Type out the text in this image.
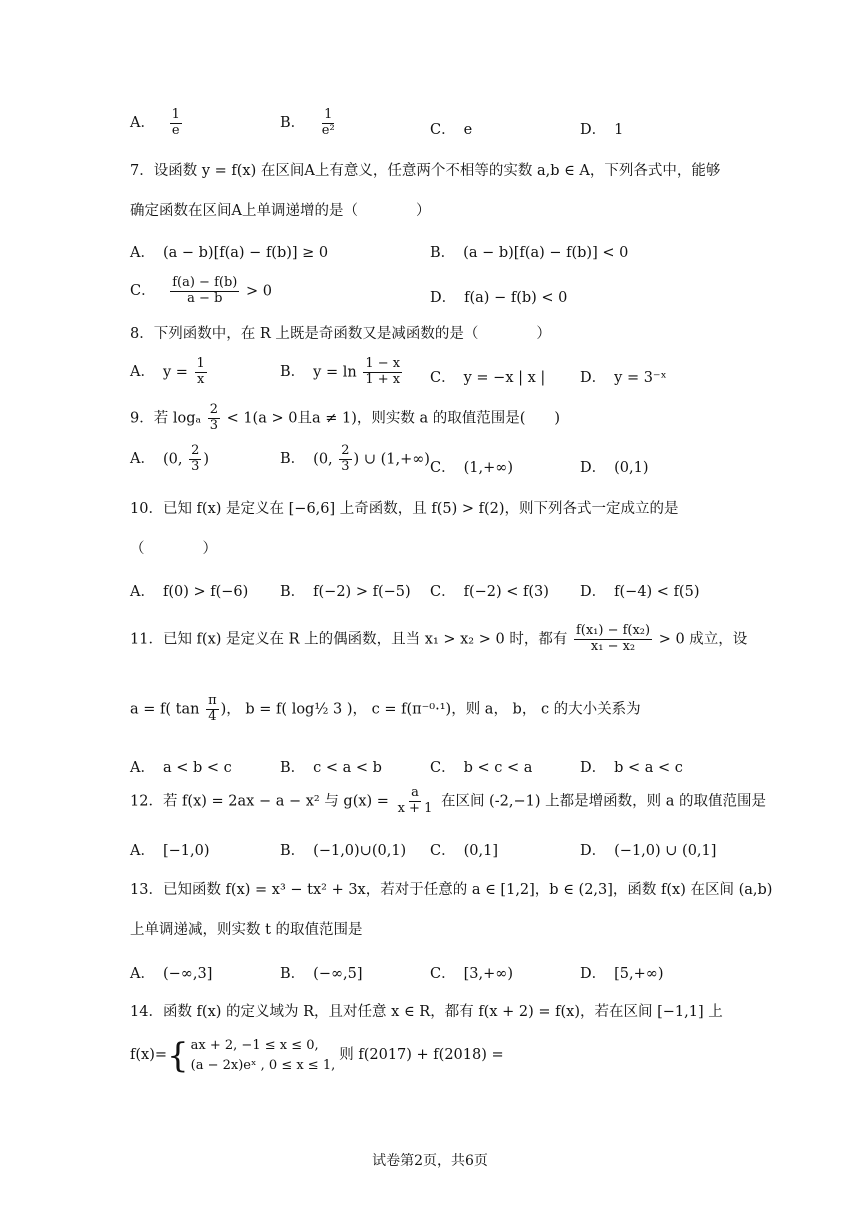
A． $\frac{1}{e}$	B． $\frac{1}{\text{e²}}$	C． e	D． 1
7．设函数 y = f(x) 在区间A上有意义，任意两个不相等的实数 a,b ∈ A，下列各式中，能够
确定函数在区间A上单调递增的是（　　　　）
A． (a − b)[f(a) − f(b)] ≥ 0	B． (a − b)[f(a) − f(b)] < 0
C． $\frac{f(a) - f(b)}{a - b} > 0$	D． f(a) − f(b) < 0
8．下列函数中，在 R 上既是奇函数又是减函数的是（　　　　）
A． $y = \frac{1}{x}$	B． $y = \ln \frac{1 - x}{1 + x}$ C． y = −x | x | D． y = 3⁻ˣ
9．若 logₐ $\frac{2}{3} < 1(a > 0$且a ≠ 1)，则实数 a 的取值范围是(　　)
A． (0, $\frac{2}{3}$ )	B． (0, $\frac{2}{3}$ ) ∪ (1,+∞)
C． (1,+∞)	D． (0,1)
10．已知 f(x) 是定义在 [−6,6] 上奇函数，且 f(5) > f(2)，则下列各式一定成立的是
（　　　　）
A． f(0) > f(−6) B． f(−2) > f(−5) C． f(−2) < f(3) D． f(−4) < f(5)
11．已知 f(x) 是定义在 R 上的偶函数，且当 x₁ > x₂ > 0 时，都有 $\frac{\text{f(x₁) − f(x₂)}}{\text{x₁ − x₂}} > 0$ 成立，设
a = f( $\tan \frac{\pi}{4}$ )， b = f( log½ 3 )， c = f(π⁻⁰·¹)，则 a， b， c 的大小关系为
A． a < b < c	B． c < a < b	C． b < c < a	D． b < a < c
12．若 f(x) = 2ax − a − x² 与 $g(x) = \frac{a}{x + 1}$ 在区间 (-2,−1) 上都是增函数，则 a 的取值范围是
A． [−1,0)	B． (−1,0)∪(0,1) C． (0,1]	D． (−1,0) ∪ (0,1]
13．已知函数 f(x) = x³ − tx² + 3x，若对于任意的 a ∈ [1,2]，b ∈ (2,3]，函数 f(x) 在区间 (a,b)
上单调递减，则实数 t 的取值范围是
A． (−∞,3]	B． (−∞,5]	C． [3,+∞)	D． [5,+∞)
14．函数 f(x) 的定义域为 R，且对任意 x ∈ R，都有 f(x + 2) = f(x)，若在区间 [−1,1] 上
f(x)= { ax + 2, −1 ≤ x ≤ 0,
(a − 2x)eˣ , 0 ≤ x ≤ 1,
则 f(2017) + f(2018) =
试卷第2页，共6页
